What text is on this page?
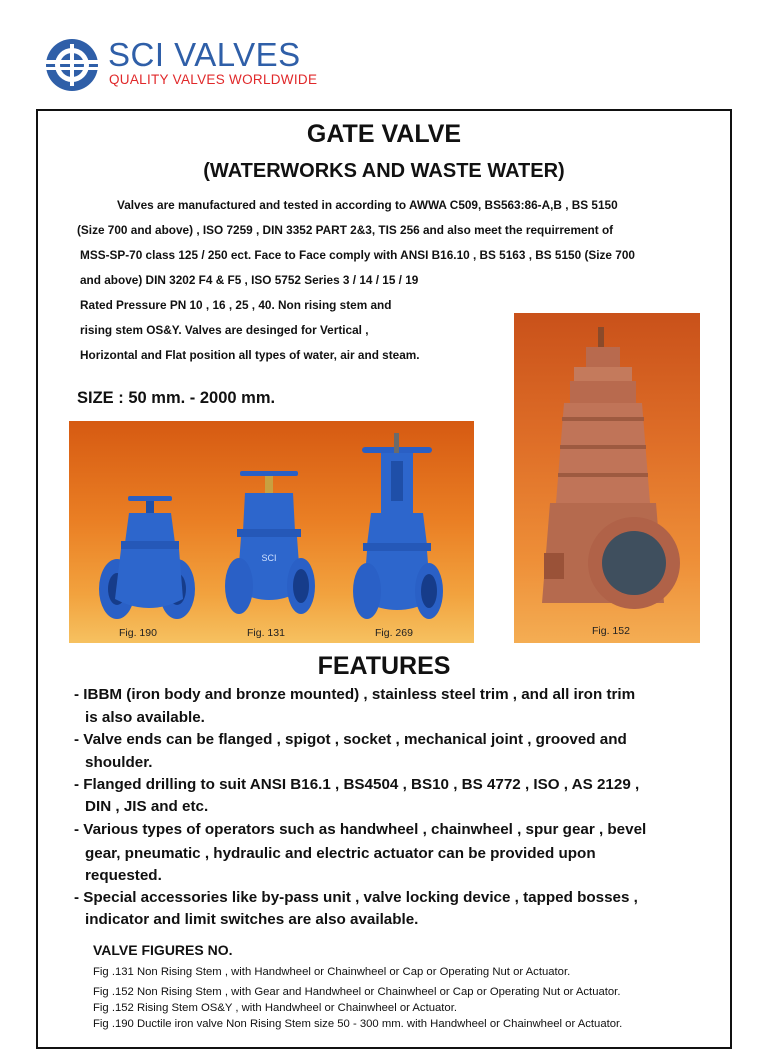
SCI VALVES
QUALITY VALVES WORLDWIDE
GATE VALVE
(WATERWORKS AND WASTE WATER)
Valves are manufactured and tested in according to AWWA C509, BS563:86-A,B , BS 5150
(Size 700 and above) , ISO 7259 , DIN 3352 PART 2&3, TIS 256 and also meet the requirrement of
MSS-SP-70 class 125 / 250 ect. Face to Face comply with ANSI B16.10 , BS 5163 , BS 5150 (Size 700
and above) DIN 3202 F4 & F5 , ISO 5752 Series 3 / 14 / 15 / 19
Rated Pressure PN 10 , 16 , 25 , 40. Non rising stem and
rising stem OS&Y. Valves are desinged for Vertical ,
Horizontal and Flat position all types of water, air and steam.
SIZE : 50 mm. - 2000 mm.
SCI
Fig. 190	Fig. 131	Fig. 269	Fig. 152
FEATURES
- IBBM (iron body and bronze mounted) , stainless steel trim , and all iron trim
is also available.
- Valve ends can be flanged , spigot , socket , mechanical joint , grooved and
shoulder.
- Flanged drilling to suit ANSI B16.1 , BS4504 , BS10 , BS 4772 , ISO , AS 2129 ,
DIN , JIS and etc.
- Various types of operators such as handwheel , chainwheel , spur gear , bevel
gear, pneumatic , hydraulic and electric actuator can be provided upon
requested.
- Special accessories like by-pass unit , valve locking device , tapped bosses ,
indicator and limit switches are also available.
VALVE FIGURES NO.
Fig .131 Non Rising Stem , with Handwheel or Chainwheel or Cap or Operating Nut or Actuator.
Fig .152 Non Rising Stem , with Gear and Handwheel or Chainwheel or Cap or Operating Nut or Actuator.
Fig .152 Rising Stem OS&Y , with Handwheel or Chainwheel or Actuator.
Fig .190 Ductile iron valve Non Rising Stem size 50 - 300 mm. with Handwheel or Chainwheel or Actuator.
